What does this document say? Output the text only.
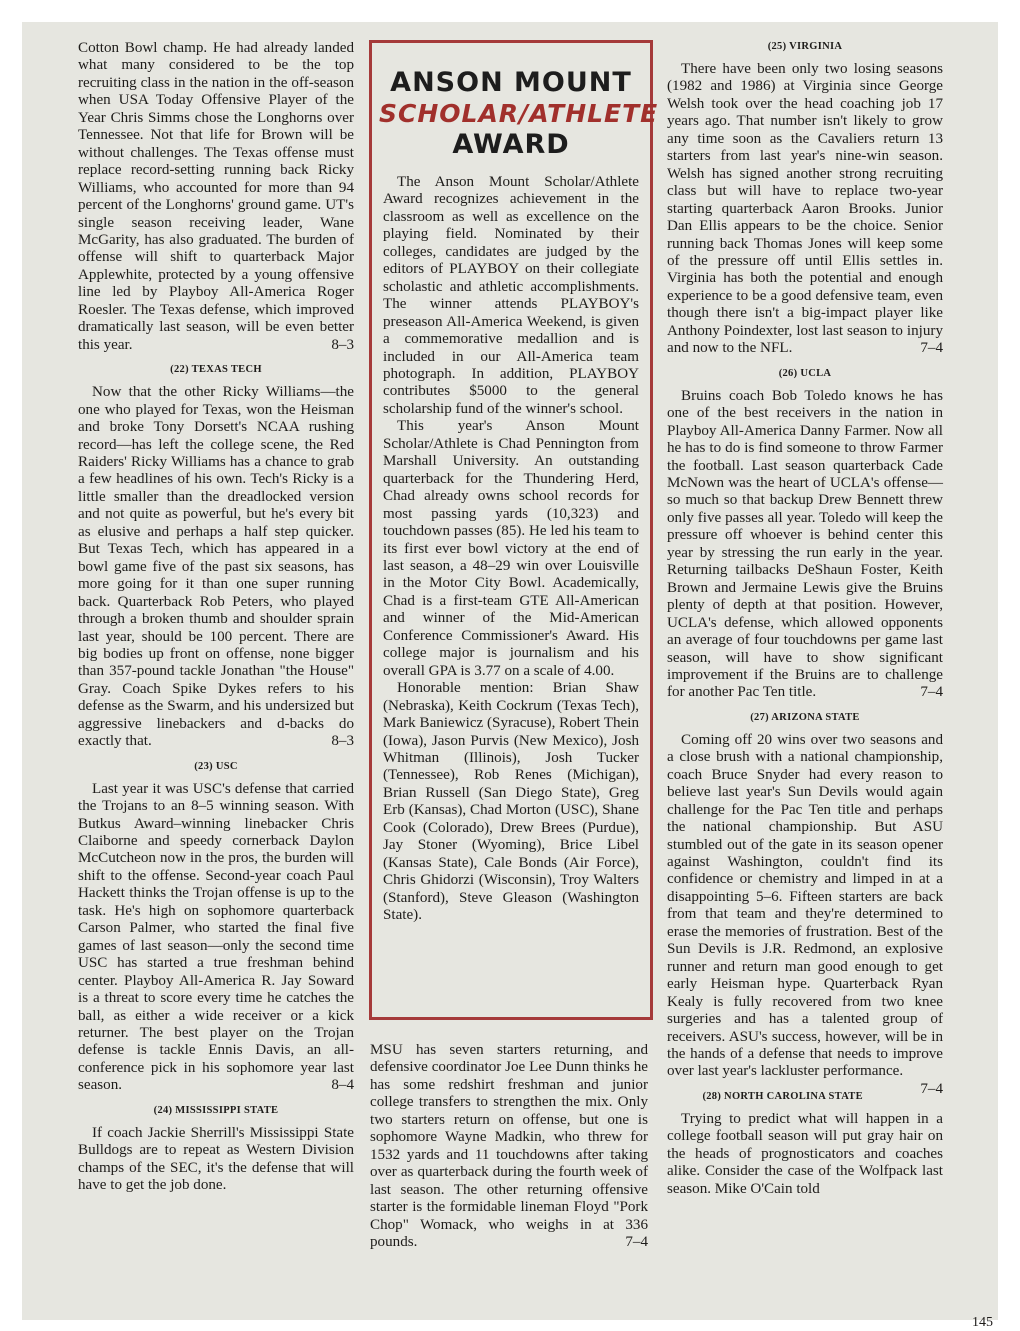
Cotton Bowl champ. He had already landed what many considered to be the top recruiting class in the nation in the off-season when USA Today Offensive Player of the Year Chris Simms chose the Longhorns over Tennessee. Not that life for Brown will be without challenges. The Texas offense must replace record-setting running back Ricky Williams, who accounted for more than 94 percent of the Longhorns' ground game. UT's single season receiving leader, Wane McGarity, has also graduated. The burden of offense will shift to quarterback Major Applewhite, protected by a young offensive line led by Playboy All-America Roger Roesler. The Texas defense, which improved dramatically last season, will be even better this year.	8–3

(22) TEXAS TECH

Now that the other Ricky Williams—the one who played for Texas, won the Heisman and broke Tony Dorsett's NCAA rushing record—has left the college scene, the Red Raiders' Ricky Williams has a chance to grab a few headlines of his own. Tech's Ricky is a little smaller than the dreadlocked version and not quite as powerful, but he's every bit as elusive and perhaps a half step quicker. But Texas Tech, which has appeared in a bowl game five of the past six seasons, has more going for it than one super running back. Quarterback Rob Peters, who played through a broken thumb and shoulder sprain last year, should be 100 percent. There are big bodies up front on offense, none bigger than 357-pound tackle Jonathan "the House" Gray. Coach Spike Dykes refers to his defense as the Swarm, and his undersized but aggressive linebackers and d-backs do exactly that.	8–3

(23) USC

Last year it was USC's defense that carried the Trojans to an 8–5 winning season. With Butkus Award–winning linebacker Chris Claiborne and speedy cornerback Daylon McCutcheon now in the pros, the burden will shift to the offense. Second-year coach Paul Hackett thinks the Trojan offense is up to the task. He's high on sophomore quarterback Carson Palmer, who started the final five games of last season—only the second time USC has started a true freshman behind center. Playboy All-America R. Jay Soward is a threat to score every time he catches the ball, as either a wide receiver or a kick returner. The best player on the Trojan defense is tackle Ennis Davis, an all-conference pick in his sophomore year last season.	8–4

(24) MISSISSIPPI STATE

If coach Jackie Sherrill's Mississippi State Bulldogs are to repeat as Western Division champs of the SEC, it's the defense that will have to get the job done.

ANSON MOUNT
SCHOLAR/ATHLETE
AWARD

The Anson Mount Scholar/Athlete Award recognizes achievement in the classroom as well as excellence on the playing field. Nominated by their colleges, candidates are judged by the editors of PLAYBOY on their collegiate scholastic and athletic accomplishments. The winner attends PLAYBOY's preseason All-America Weekend, is given a commemorative medallion and is included in our All-America team photograph. In addition, PLAYBOY contributes $5000 to the general scholarship fund of the winner's school.

This year's Anson Mount Scholar/Athlete is Chad Pennington from Marshall University. An outstanding quarterback for the Thundering Herd, Chad already owns school records for most passing yards (10,323) and touchdown passes (85). He led his team to its first ever bowl victory at the end of last season, a 48–29 win over Louisville in the Motor City Bowl. Academically, Chad is a first-team GTE All-American and winner of the Mid-American Conference Commissioner's Award. His college major is journalism and his overall GPA is 3.77 on a scale of 4.00.

Honorable mention: Brian Shaw (Nebraska), Keith Cockrum (Texas Tech), Mark Baniewicz (Syracuse), Robert Thein (Iowa), Jason Purvis (New Mexico), Josh Whitman (Illinois), Josh Tucker (Tennessee), Rob Renes (Michigan), Brian Russell (San Diego State), Greg Erb (Kansas), Chad Morton (USC), Shane Cook (Colorado), Drew Brees (Purdue), Jay Stoner (Wyoming), Brice Libel (Kansas State), Cale Bonds (Air Force), Chris Ghidorzi (Wisconsin), Troy Walters (Stanford), Steve Gleason (Washington State).

MSU has seven starters returning, and defensive coordinator Joe Lee Dunn thinks he has some redshirt freshman and junior college transfers to strengthen the mix. Only two starters return on offense, but one is sophomore Wayne Madkin, who threw for 1532 yards and 11 touchdowns after taking over as quarterback during the fourth week of last season. The other returning offensive starter is the formidable lineman Floyd "Pork Chop" Womack, who weighs in at 336 pounds.	7–4

(25) VIRGINIA

There have been only two losing seasons (1982 and 1986) at Virginia since George Welsh took over the head coaching job 17 years ago. That number isn't likely to grow any time soon as the Cavaliers return 13 starters from last year's nine-win season. Welsh has signed another strong recruiting class but will have to replace two-year starting quarterback Aaron Brooks. Junior Dan Ellis appears to be the choice. Senior running back Thomas Jones will keep some of the pressure off until Ellis settles in. Virginia has both the potential and enough experience to be a good defensive team, even though there isn't a big-impact player like Anthony Poindexter, lost last season to injury and now to the NFL.	7–4

(26) UCLA

Bruins coach Bob Toledo knows he has one of the best receivers in the nation in Playboy All-America Danny Farmer. Now all he has to do is find someone to throw Farmer the football. Last season quarterback Cade McNown was the heart of UCLA's offense—so much so that backup Drew Bennett threw only five passes all year. Toledo will keep the pressure off whoever is behind center this year by stressing the run early in the year. Returning tailbacks DeShaun Foster, Keith Brown and Jermaine Lewis give the Bruins plenty of depth at that position. However, UCLA's defense, which allowed opponents an average of four touchdowns per game last season, will have to show significant improvement if the Bruins are to challenge for another Pac Ten title.	7–4

(27) ARIZONA STATE

Coming off 20 wins over two seasons and a close brush with a national championship, coach Bruce Snyder had every reason to believe last year's Sun Devils would again challenge for the Pac Ten title and perhaps the national championship. But ASU stumbled out of the gate in its season opener against Washington, couldn't find its confidence or chemistry and limped in at a disappointing 5–6. Fifteen starters are back from that team and they're determined to erase the memories of frustration. Best of the Sun Devils is J.R. Redmond, an explosive runner and return man good enough to get early Heisman hype. Quarterback Ryan Kealy is fully recovered from two knee surgeries and has a talented group of receivers. ASU's success, however, will be in the hands of a defense that needs to improve over last year's lackluster performance.
7–4

(28) NORTH CAROLINA STATE

Trying to predict what will happen in a college football season will put gray hair on the heads of prognosticators and coaches alike. Consider the case of the Wolfpack last season. Mike O'Cain told

145
